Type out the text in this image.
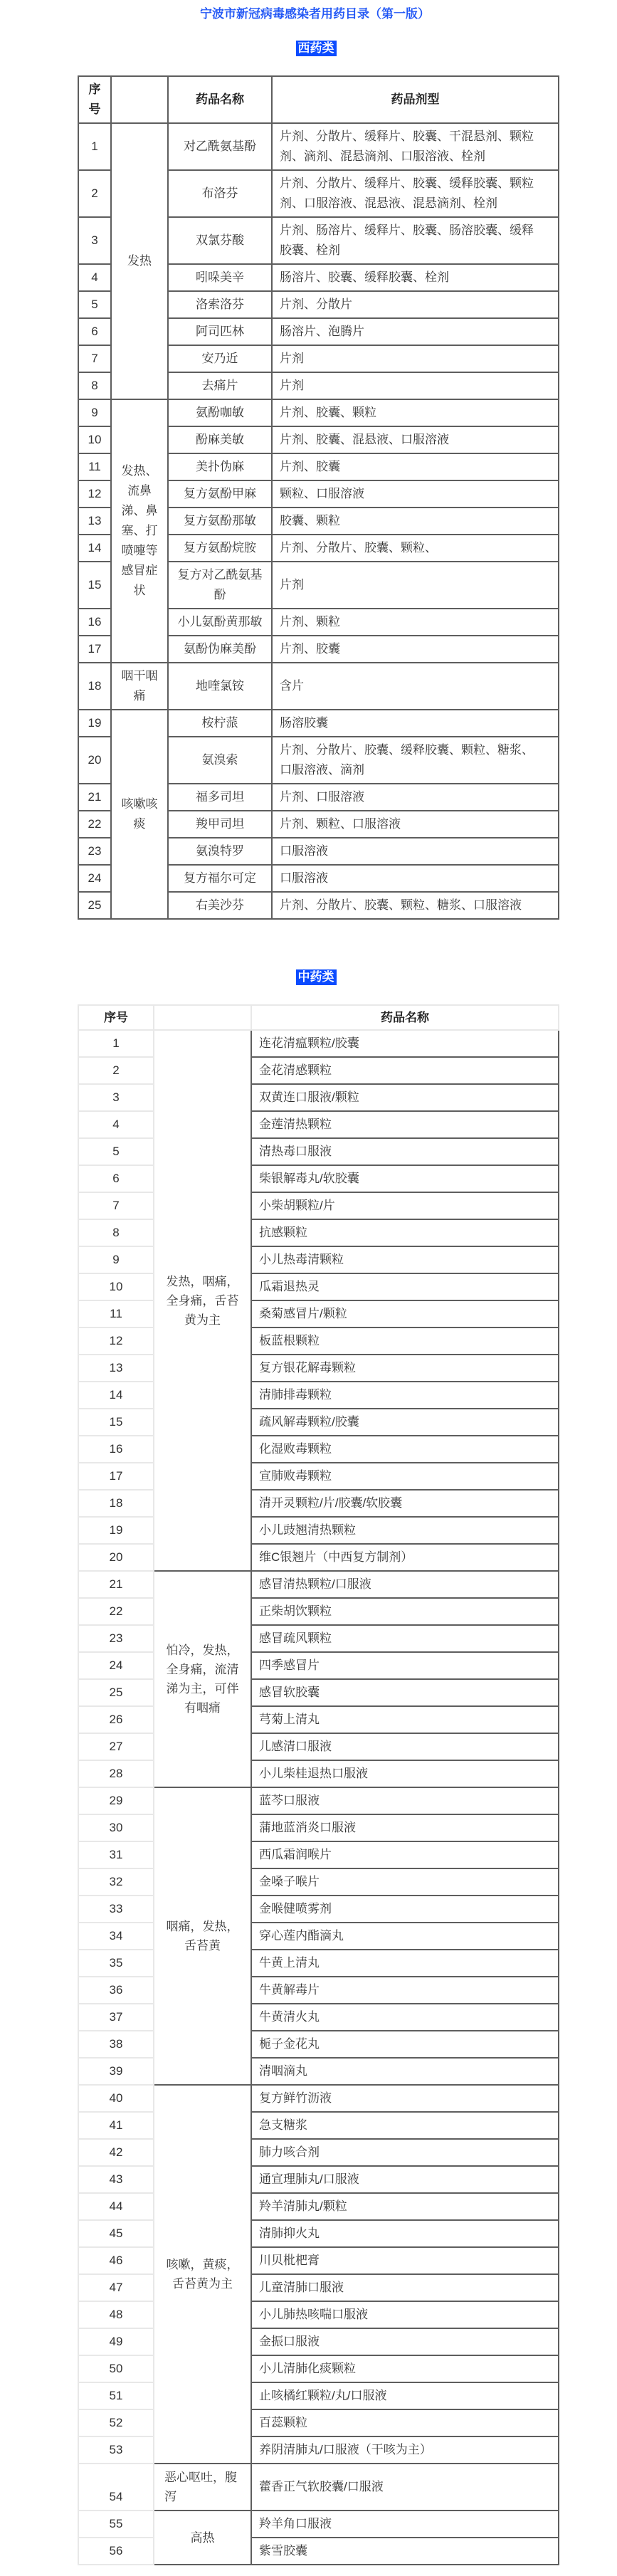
宁波市新冠病毒感染者用药目录（第一版）
西药类
序号		药品名称	药品剂型
1	发热	对乙酰氨基酚	片剂、分散片、缓释片、胶囊、干混悬剂、颗粒剂、滴剂、混悬滴剂、口服溶液、栓剂
2		布洛芬	片剂、分散片、缓释片、胶囊、缓释胶囊、颗粒剂、口服溶液、混悬液、混悬滴剂、栓剂
3		双氯芬酸	片剂、肠溶片、缓释片、胶囊、肠溶胶囊、缓释胶囊、栓剂
4		吲哚美辛	肠溶片、胶囊、缓释胶囊、栓剂
5		洛索洛芬	片剂、分散片
6		阿司匹林	肠溶片、泡腾片
7		安乃近	片剂
8		去痛片	片剂
9	发热、流鼻涕、鼻塞、打喷嚏等感冒症状	氨酚咖敏	片剂、胶囊、颗粒
10		酚麻美敏	片剂、胶囊、混悬液、口服溶液
11		美扑伪麻	片剂、胶囊
12		复方氨酚甲麻	颗粒、口服溶液
13		复方氨酚那敏	胶囊、颗粒
14		复方氨酚烷胺	片剂、分散片、胶囊、颗粒、
15		复方对乙酰氨基酚	片剂
16		小儿氨酚黄那敏	片剂、颗粒
17		氨酚伪麻美酚	片剂、胶囊
18	咽干咽痛	地喹氯铵	含片
19	咳嗽咳痰	桉柠蒎	肠溶胶囊
20		氨溴索	片剂、分散片、胶囊、缓释胶囊、颗粒、糖浆、口服溶液、滴剂
21		福多司坦	片剂、口服溶液
22		羧甲司坦	片剂、颗粒、口服溶液
23		氨溴特罗	口服溶液
24		复方福尔可定	口服溶液
25		右美沙芬	片剂、分散片、胶囊、颗粒、糖浆、口服溶液
中药类
序号		药品名称
1	发热，咽痛，全身痛，舌苔黄为主	连花清瘟颗粒/胶囊
2		金花清感颗粒
3		双黄连口服液/颗粒
4		金莲清热颗粒
5		清热毒口服液
6		柴银解毒丸/软胶囊
7		小柴胡颗粒/片
8		抗感颗粒
9		小儿热毒清颗粒
10		瓜霜退热灵
11		桑菊感冒片/颗粒
12		板蓝根颗粒
13		复方银花解毒颗粒
14		清肺排毒颗粒
15		疏风解毒颗粒/胶囊
16		化湿败毒颗粒
17		宣肺败毒颗粒
18		清开灵颗粒/片/胶囊/软胶囊
19		小儿豉翘清热颗粒
20		维C银翘片（中西复方制剂）
21	怕冷，发热，全身痛，流清涕为主，可伴有咽痛	感冒清热颗粒/口服液
22		正柴胡饮颗粒
23		感冒疏风颗粒
24		四季感冒片
25		感冒软胶囊
26		芎菊上清丸
27		儿感清口服液
28		小儿柴桂退热口服液
29	咽痛，发热，舌苔黄	蓝芩口服液
30		蒲地蓝消炎口服液
31		西瓜霜润喉片
32		金嗓子喉片
33		金喉健喷雾剂
34		穿心莲内酯滴丸
35		牛黄上清丸
36		牛黄解毒片
37		牛黄清火丸
38		栀子金花丸
39		清咽滴丸
40	咳嗽，黄痰，舌苔黄为主	复方鲜竹沥液
41		急支糖浆
42		肺力咳合剂
43		通宣理肺丸/口服液
44		羚羊清肺丸/颗粒
45		清肺抑火丸
46		川贝枇杷膏
47		儿童清肺口服液
48		小儿肺热咳喘口服液
49		金振口服液
50		小儿清肺化痰颗粒
51		止咳橘红颗粒/丸/口服液
52		百蕊颗粒
53		养阴清肺丸/口服液（干咳为主）
54	恶心呕吐，腹泻	藿香正气软胶囊/口服液
55	高热	羚羊角口服液
56		紫雪胶囊
